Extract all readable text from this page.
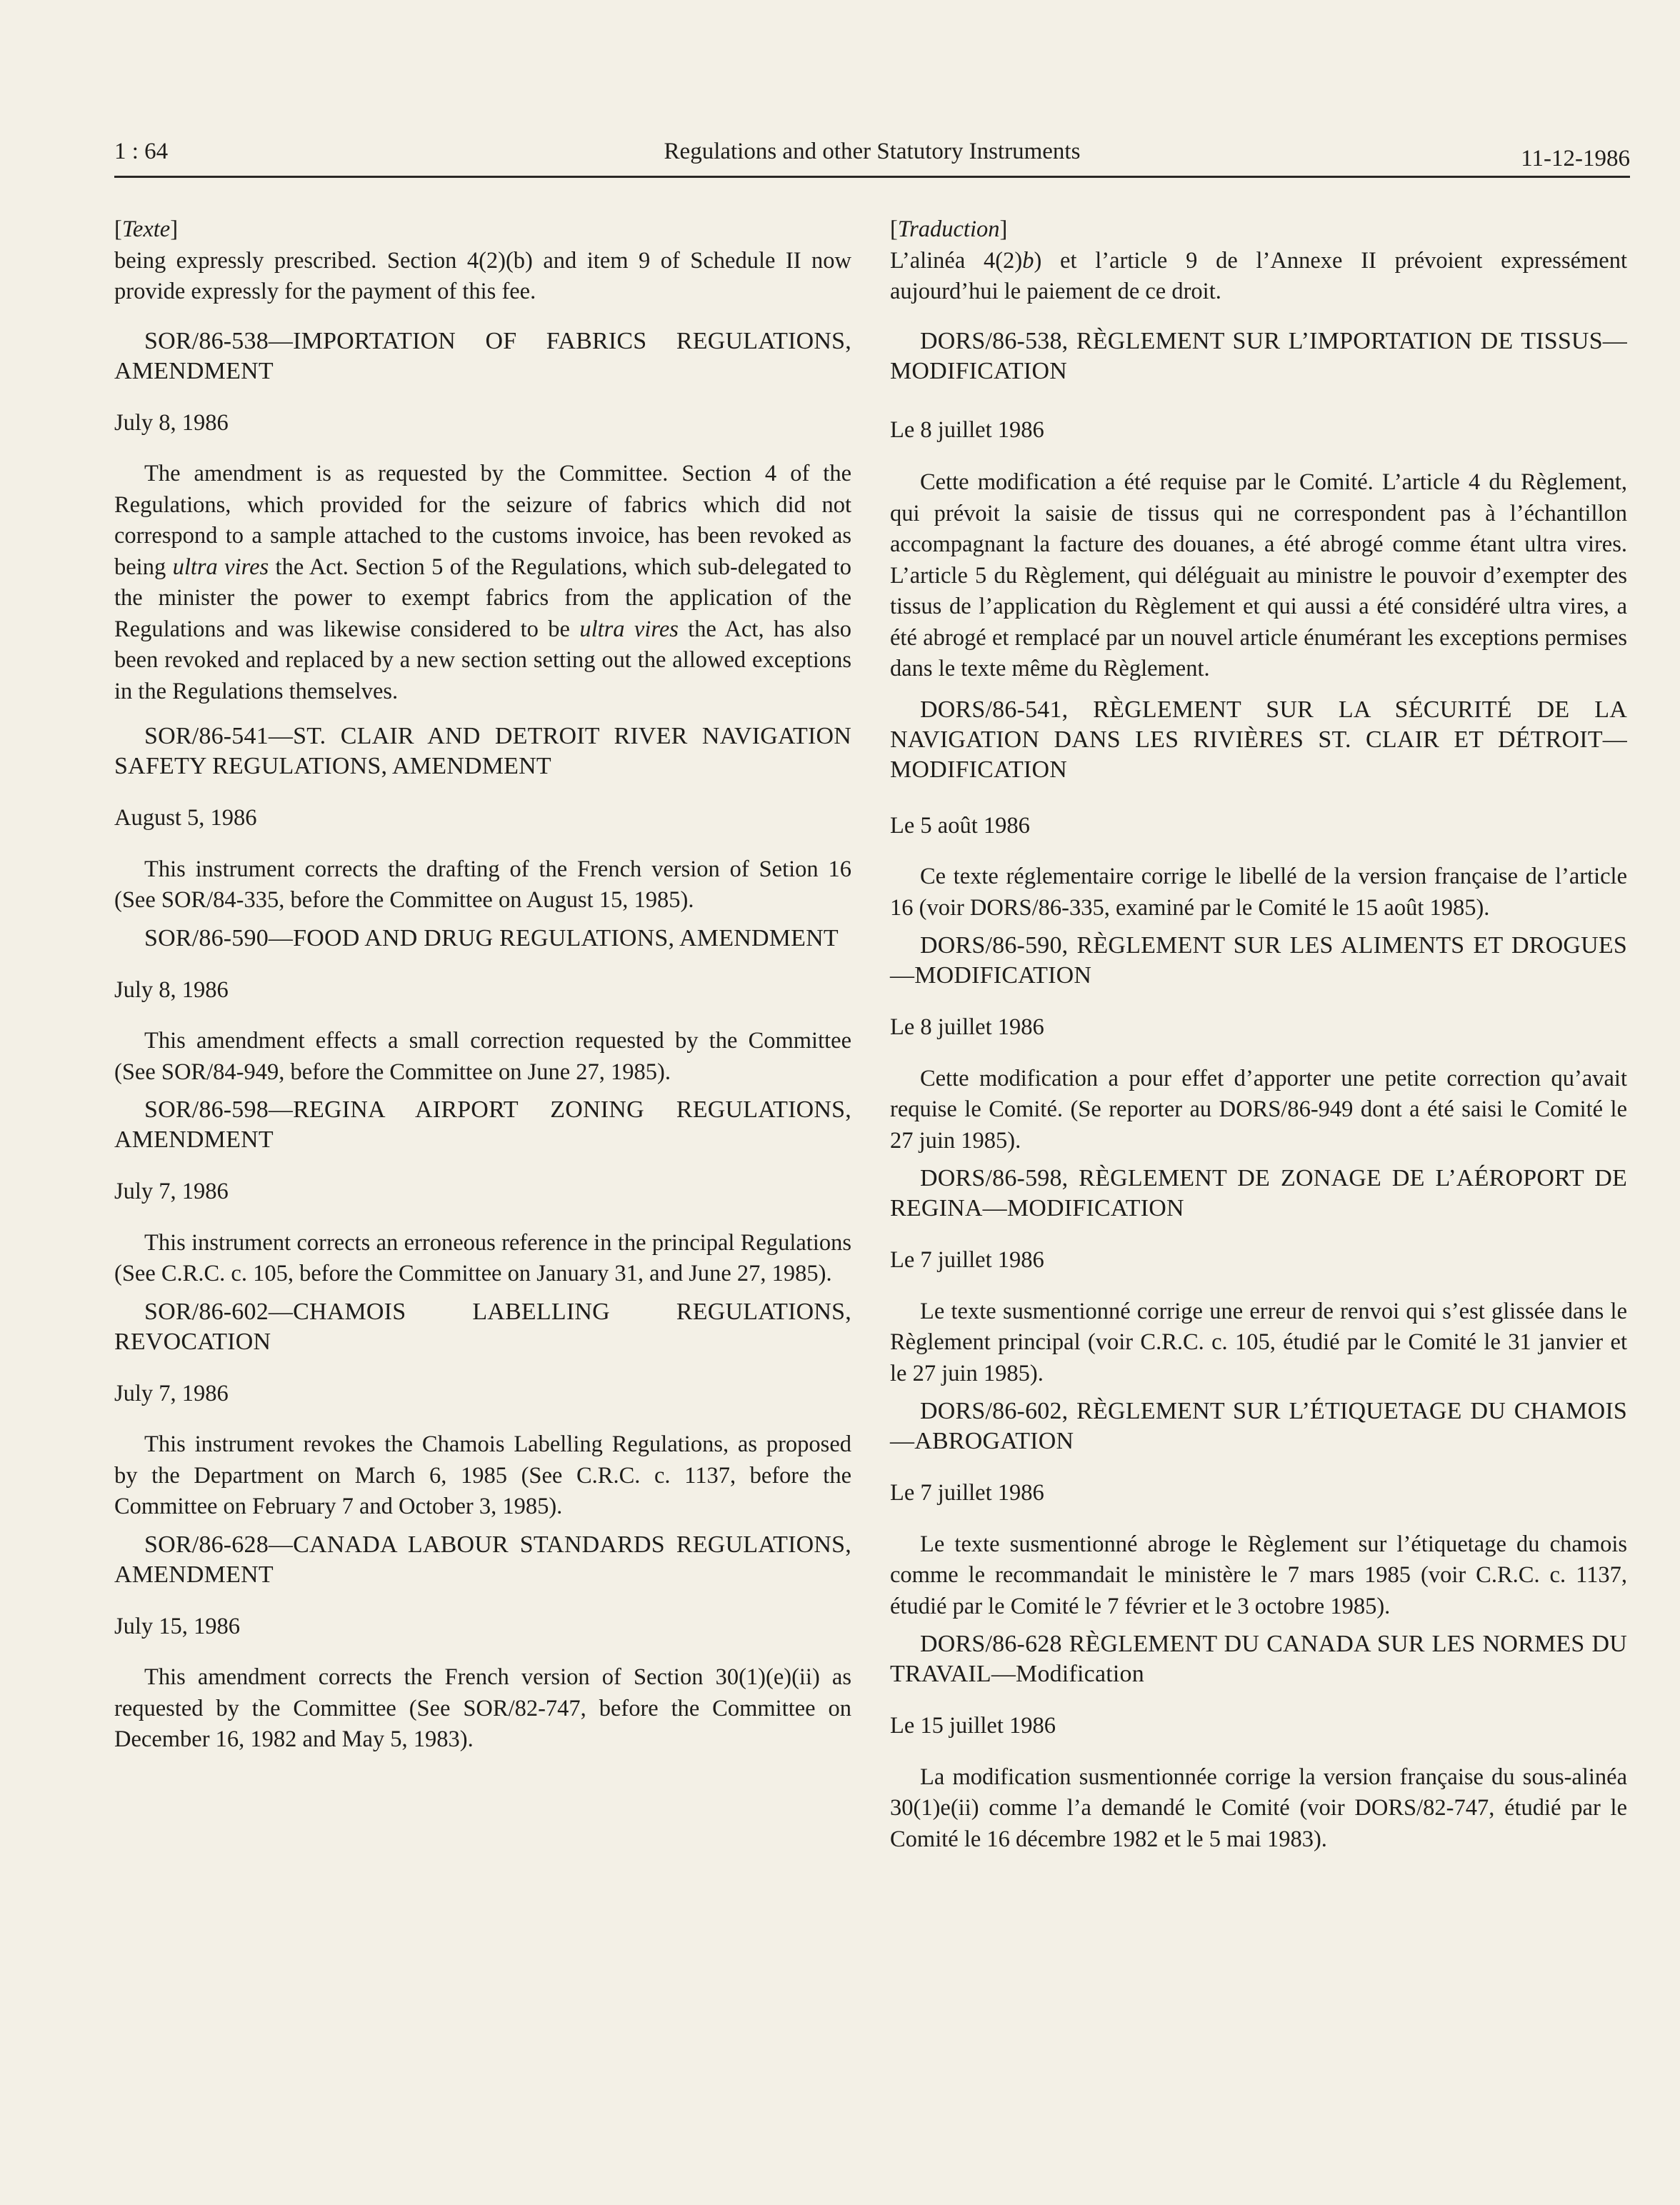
1 : 64	Regulations and other Statutory Instruments	11-12-1986

[Texte]

being expressly prescribed. Section 4(2)(b) and item 9 of Schedule II now provide expressly for the payment of this fee.

SOR/86-538—IMPORTATION OF FABRICS REGULATIONS, AMENDMENT

July 8, 1986

The amendment is as requested by the Committee. Section 4 of the Regulations, which provided for the seizure of fabrics which did not correspond to a sample attached to the customs invoice, has been revoked as being ultra vires the Act. Section 5 of the Regulations, which sub-delegated to the minister the power to exempt fabrics from the application of the Regulations and was likewise considered to be ultra vires the Act, has also been revoked and replaced by a new section setting out the allowed exceptions in the Regulations themselves.

SOR/86-541—ST. CLAIR AND DETROIT RIVER NAVIGATION SAFETY REGULATIONS, AMENDMENT

August 5, 1986

This instrument corrects the drafting of the French version of Setion 16 (See SOR/84-335, before the Committee on August 15, 1985).

SOR/86-590—FOOD AND DRUG REGULATIONS, AMENDMENT

July 8, 1986

This amendment effects a small correction requested by the Committee (See SOR/84-949, before the Committee on June 27, 1985).

SOR/86-598—REGINA AIRPORT ZONING REGULATIONS, AMENDMENT

July 7, 1986

This instrument corrects an erroneous reference in the principal Regulations (See C.R.C. c. 105, before the Committee on January 31, and June 27, 1985).

SOR/86-602—CHAMOIS LABELLING REGULATIONS, REVOCATION

July 7, 1986

This instrument revokes the Chamois Labelling Regulations, as proposed by the Department on March 6, 1985 (See C.R.C. c. 1137, before the Committee on February 7 and October 3, 1985).

SOR/86-628—CANADA LABOUR STANDARDS REGULATIONS, AMENDMENT

July 15, 1986

This amendment corrects the French version of Section 30(1)(e)(ii) as requested by the Committee (See SOR/82-747, before the Committee on December 16, 1982 and May 5, 1983).

[Traduction]

L’alinéa 4(2)b) et l’article 9 de l’Annexe II prévoient expressément aujourd’hui le paiement de ce droit.

DORS/86-538, RÈGLEMENT SUR L’IMPORTATION DE TISSUS—MODIFICATION

Le 8 juillet 1986

Cette modification a été requise par le Comité. L’article 4 du Règlement, qui prévoit la saisie de tissus qui ne correspondent pas à l’échantillon accompagnant la facture des douanes, a été abrogé comme étant ultra vires. L’article 5 du Règlement, qui déléguait au ministre le pouvoir d’exempter des tissus de l’application du Règlement et qui aussi a été considéré ultra vires, a été abrogé et remplacé par un nouvel article énumérant les exceptions permises dans le texte même du Règlement.

DORS/86-541, RÈGLEMENT SUR LA SÉCURITÉ DE LA NAVIGATION DANS LES RIVIÈRES ST. CLAIR ET DÉTROIT—MODIFICATION

Le 5 août 1986

Ce texte réglementaire corrige le libellé de la version française de l’article 16 (voir DORS/86-335, examiné par le Comité le 15 août 1985).

DORS/86-590, RÈGLEMENT SUR LES ALIMENTS ET DROGUES—MODIFICATION

Le 8 juillet 1986

Cette modification a pour effet d’apporter une petite correction qu’avait requise le Comité. (Se reporter au DORS/86-949 dont a été saisi le Comité le 27 juin 1985).

DORS/86-598, RÈGLEMENT DE ZONAGE DE L’AÉROPORT DE REGINA—MODIFICATION

Le 7 juillet 1986

Le texte susmentionné corrige une erreur de renvoi qui s’est glissée dans le Règlement principal (voir C.R.C. c. 105, étudié par le Comité le 31 janvier et le 27 juin 1985).

DORS/86-602, RÈGLEMENT SUR L’ÉTIQUETAGE DU CHAMOIS—ABROGATION

Le 7 juillet 1986

Le texte susmentionné abroge le Règlement sur l’étiquetage du chamois comme le recommandait le ministère le 7 mars 1985 (voir C.R.C. c. 1137, étudié par le Comité le 7 février et le 3 octobre 1985).

DORS/86-628 RÈGLEMENT DU CANADA SUR LES NORMES DU TRAVAIL—Modification

Le 15 juillet 1986

La modification susmentionnée corrige la version française du sous-alinéa 30(1)e(ii) comme l’a demandé le Comité (voir DORS/82-747, étudié par le Comité le 16 décembre 1982 et le 5 mai 1983).
